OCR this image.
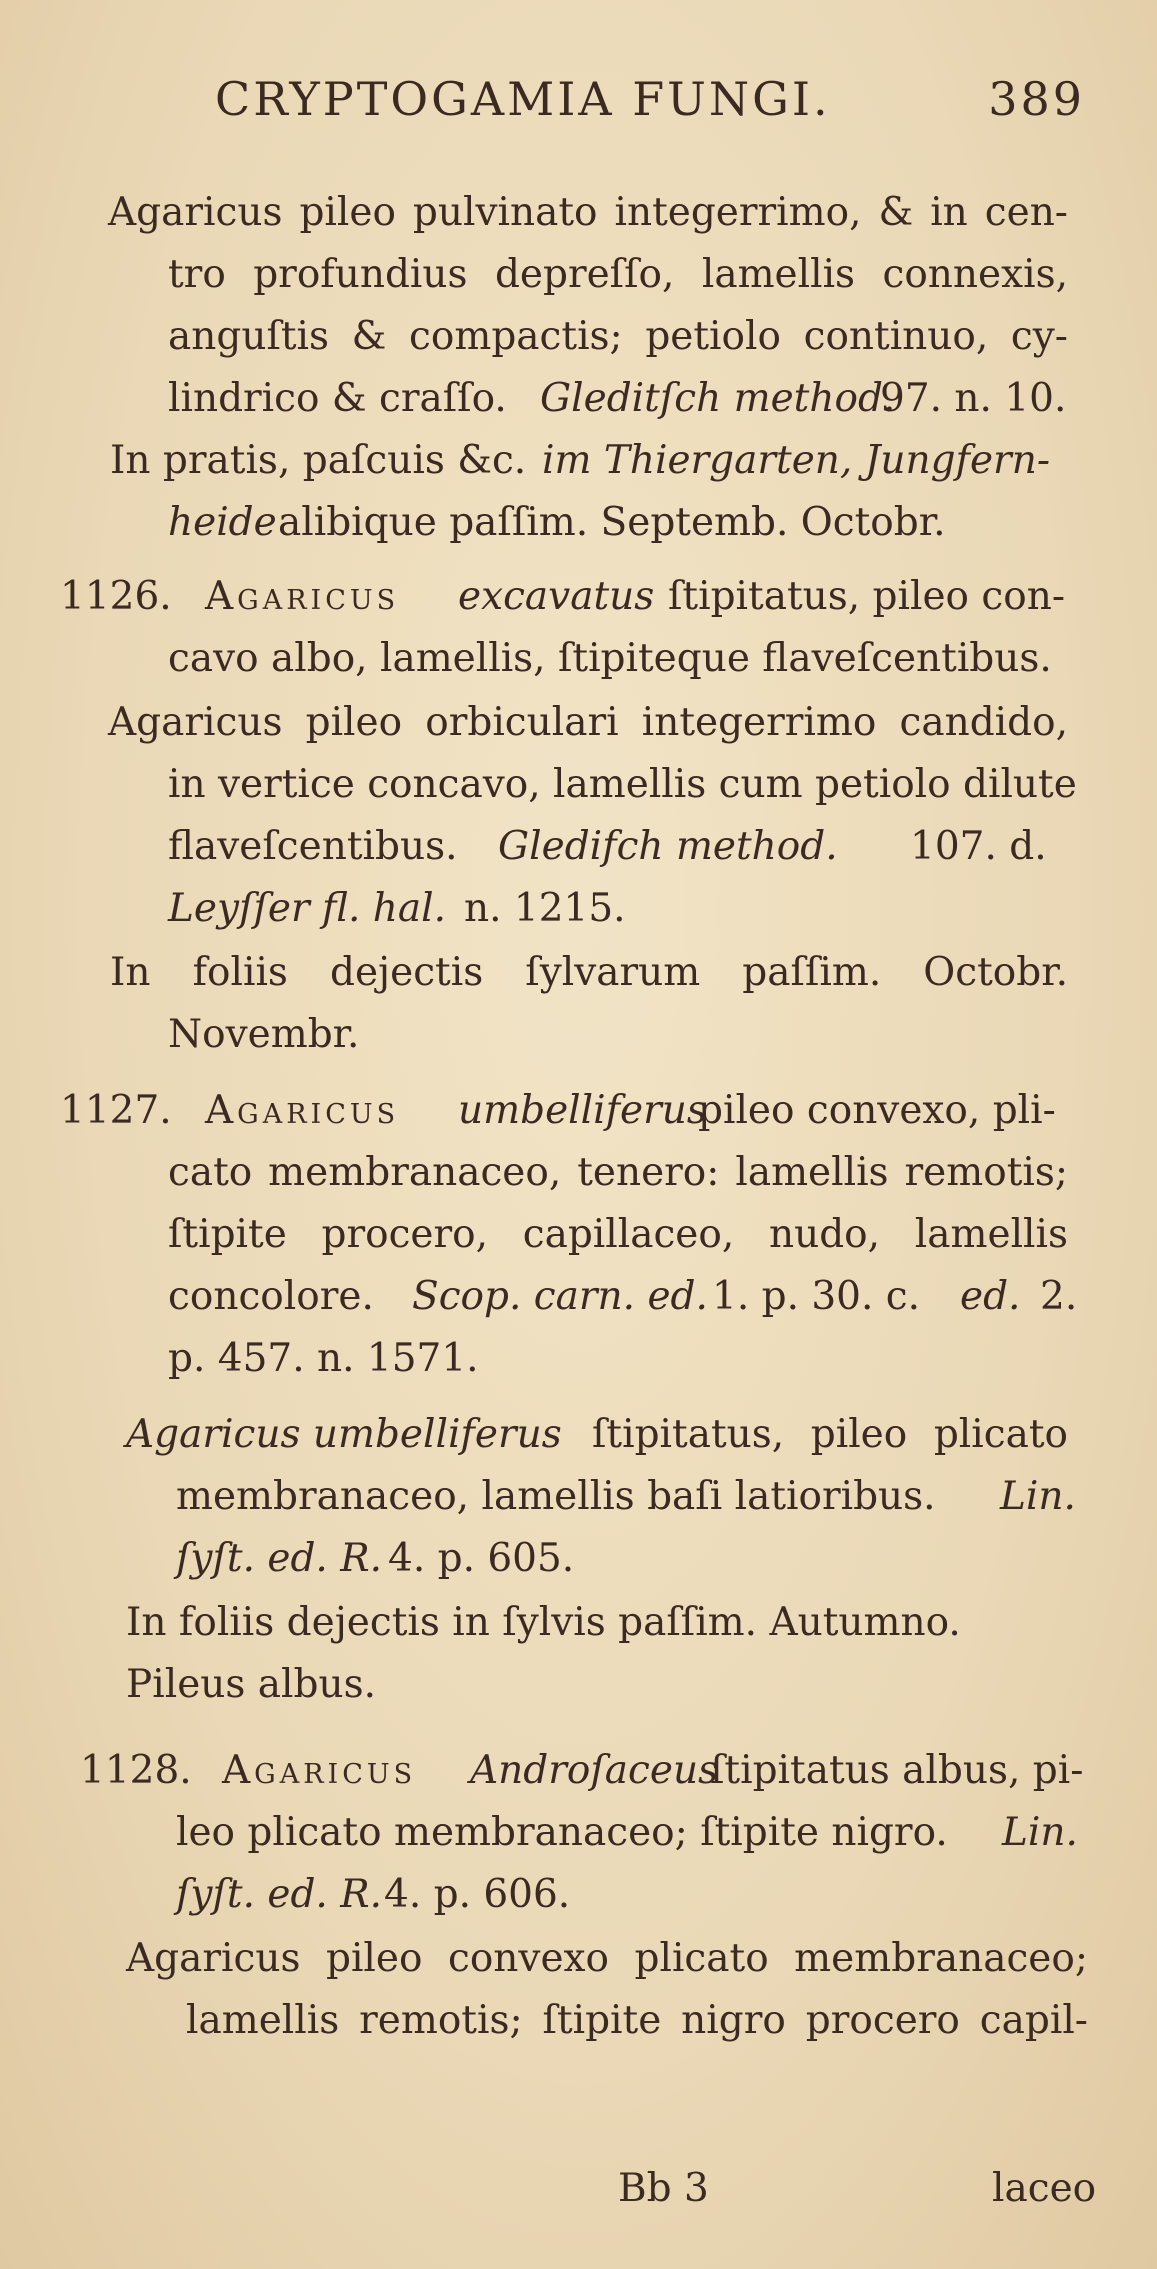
CRYPTOGAMIA FUNGI.	389
Agaricus pileo pulvinato integerrimo, & in cen-
tro profundius depreſſo, lamellis connexis,
anguſtis & compactis; petiolo continuo, cy-
lindrico & craſſo. Gleditſch method.
97. n. 10.
In pratis, paſcuis &c. im Thiergarten, Jungfern-
heide alibique paſſim. Septemb. Octobr.
1126. Agaricus excavatus ſtipitatus, pileo con-
cavo albo, lamellis, ſtipiteque flaveſcentibus.
Agaricus pileo orbiculari integerrimo candido,
in vertice concavo, lamellis cum petiolo dilute
flaveſcentibus. Gledifch method. 107. d.
Leyſſer fl. hal. n. 1215.
In foliis dejectis ſylvarum paſſim. Octobr.
Novembr.
1127. Agaricus umbelliferus
pileo convexo, pli-
cato membranaceo, tenero: lamellis remotis;
ſtipite procero, capillaceo, nudo, lamellis
concolore. Scop. carn. ed. 1. p. 30. c. ed. 2.
p. 457. n. 1571.
Agaricus umbelliferus ſtipitatus, pileo plicato
membranaceo, lamellis baſi latioribus. Lin.
ſyſt. ed. R. 4. p. 605.
In foliis dejectis in ſylvis paſſim. Autumno.
Pileus albus.
1128. Agaricus Androſaceus
ſtipitatus albus, pi-
leo plicato membranaceo; ſtipite nigro. Lin.
ſyſt. ed. R. 4. p. 606.
Agaricus pileo convexo plicato membranaceo;
lamellis remotis; ſtipite nigro procero capil-
Bb 3	laceo
